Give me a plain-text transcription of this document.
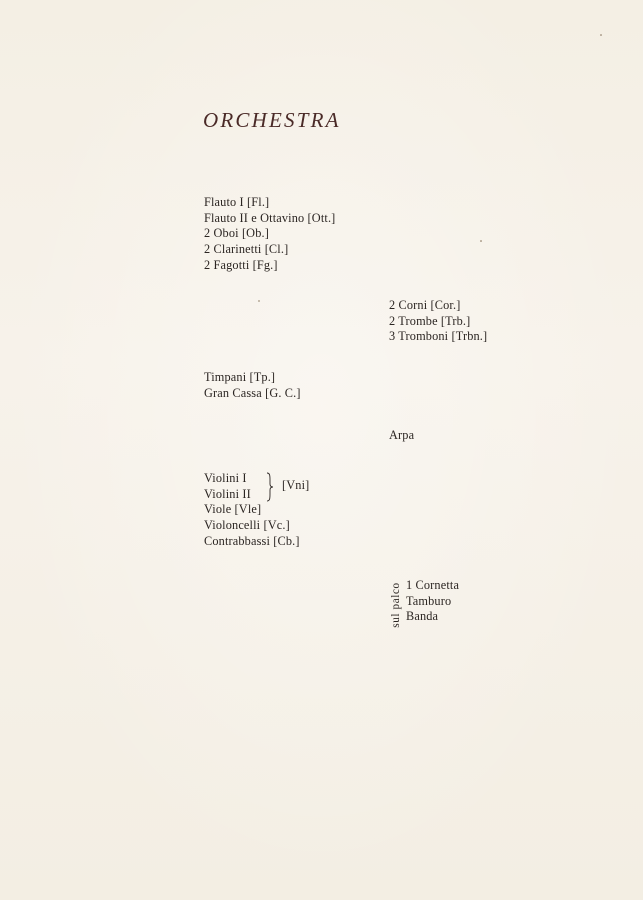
ORCHESTRA
Flauto I [Fl.]
Flauto II e Ottavino [Ott.]
2 Oboi [Ob.]
2 Clarinetti [Cl.]
2 Fagotti [Fg.]
2 Corni [Cor.]
2 Trombe [Trb.]
3 Tromboni [Trbn.]
Timpani [Tp.]
Gran Cassa [G. C.]
Arpa
Violini I
Violini II
[Vni]
Viole [Vle]
Violoncelli [Vc.]
Contrabbassi [Cb.]
sul palco 1 Cornetta
Tamburo
Banda
